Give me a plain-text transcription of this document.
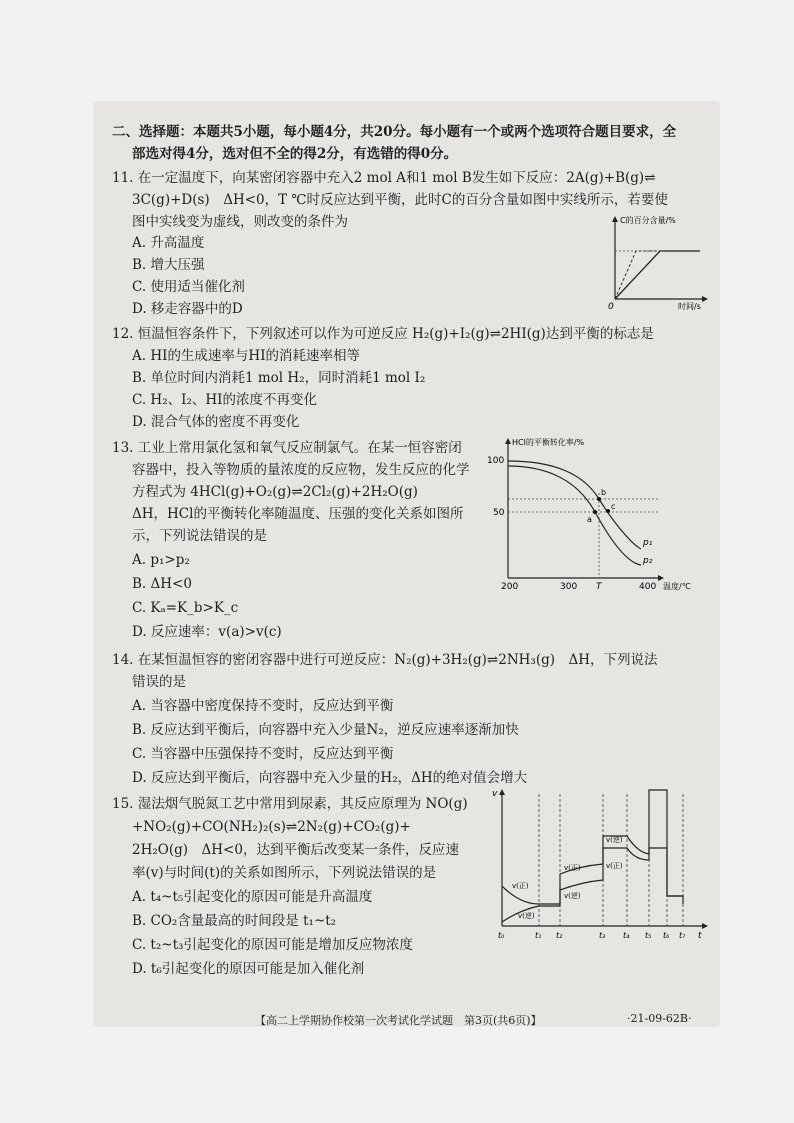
二、选择题：本题共5小题，每小题4分，共20分。每小题有一个或两个选项符合题目要求，全
部选对得4分，选对但不全的得2分，有选错的得0分。
11. 在一定温度下，向某密闭容器中充入2 mol A和1 mol B发生如下反应：2A(g)+B(g)⇌
3C(g)+D(s)　ΔH<0，T ℃时反应达到平衡，此时C的百分含量如图中实线所示，若要使
图中实线变为虚线，则改变的条件为
A. 升高温度
B. 增大压强
C. 使用适当催化剂
D. 移走容器中的D
C的百分含量/%
0	时间/s
12. 恒温恒容条件下，下列叙述可以作为可逆反应 H₂(g)+I₂(g)⇌2HI(g)达到平衡的标志是
A. HI的生成速率与HI的消耗速率相等
B. 单位时间内消耗1 mol H₂，同时消耗1 mol I₂
C. H₂、I₂、HI的浓度不再变化
D. 混合气体的密度不再变化
13. 工业上常用氯化氢和氧气反应制氯气。在某一恒容密闭
容器中，投入等物质的量浓度的反应物，发生反应的化学
方程式为 4HCl(g)+O₂(g)⇌2Cl₂(g)+2H₂O(g)
ΔH，HCl的平衡转化率随温度、压强的变化关系如图所
示，下列说法错误的是
A. p₁>p₂
B. ΔH<0
C. Kₐ=K_b>K_c
D. 反应速率：v(a)>v(c)
HCl的平衡转化率/%
100
50
200	300 T	400 温度/℃
a
b
c
p₁
p₂
14. 在某恒温恒容的密闭容器中进行可逆反应：N₂(g)+3H₂(g)⇌2NH₃(g)　ΔH，下列说法
错误的是
A. 当容器中密度保持不变时，反应达到平衡
B. 反应达到平衡后，向容器中充入少量N₂，逆反应速率逐渐加快
C. 当容器中压强保持不变时，反应达到平衡
D. 反应达到平衡后，向容器中充入少量的H₂，ΔH的绝对值会增大
15. 湿法烟气脱氮工艺中常用到尿素，其反应原理为 NO(g)
+NO₂(g)+CO(NH₂)₂(s)⇌2N₂(g)+CO₂(g)+
2H₂O(g)　ΔH<0，达到平衡后改变某一条件，反应速
率(v)与时间(t)的关系如图所示，下列说法错误的是
A. t₄~t₅引起变化的原因可能是升高温度
B. CO₂含量最高的时间段是 t₁~t₂
C. t₂~t₃引起变化的原因可能是增加反应物浓度
D. t₆引起变化的原因可能是加入催化剂
v
t
v(正)
v(逆)
v(正)
v(逆)
v(逆)
v(正)
t₀	t₁ t₂	t₃ t₄ t₅ t₆ t₇
【高二上学期协作校第一次考试化学试题　第3页(共6页)】	·21-09-62B·
